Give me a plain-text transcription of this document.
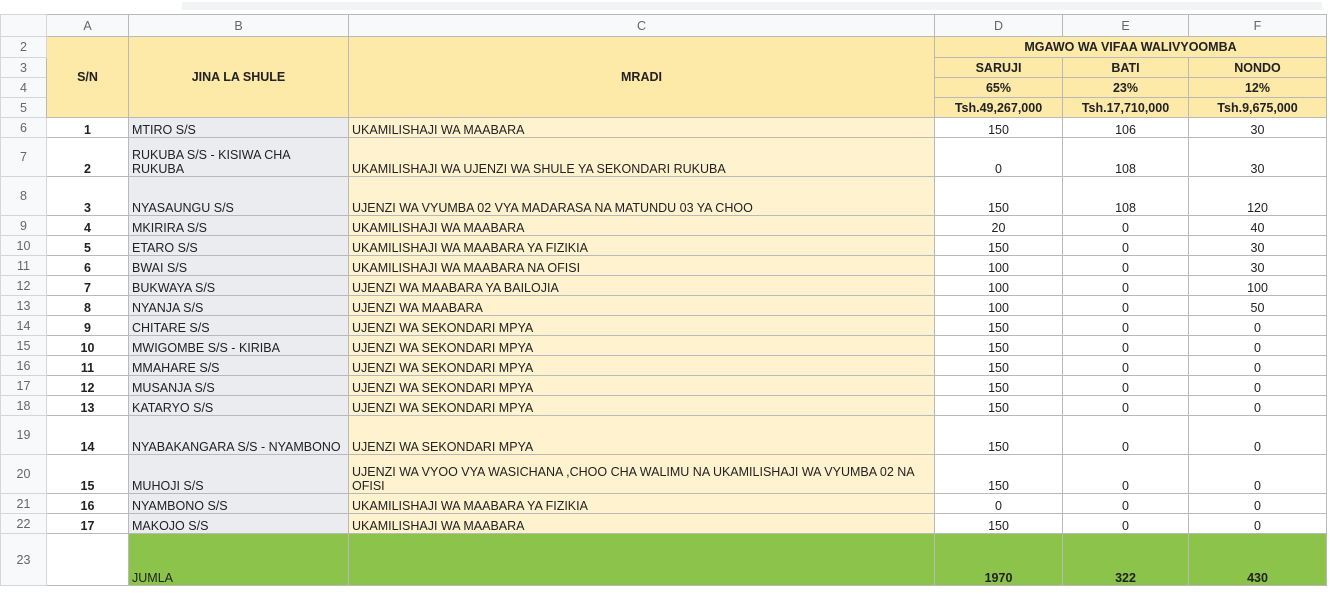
	A	B	C	D	E	F
2	S/N	JINA LA SHULE	MRADI	MGAWO WA VIFAA WALIVYOOMBA		
3				SARUJI	BATI	NONDO
4				65%	23%	12%
5				Tsh.49,267,000	Tsh.17,710,000	Tsh.9,675,000
6	1	MTIRO S/S	UKAMILISHAJI WA MAABARA	150	106	30
7	2	RUKUBA S/S - KISIWA CHA RUKUBA	UKAMILISHAJI WA UJENZI WA SHULE YA SEKONDARI RUKUBA	0	108	30
8	3	NYASAUNGU S/S	UJENZI WA VYUMBA 02 VYA MADARASA NA MATUNDU 03 YA CHOO	150	108	120
9	4	MKIRIRA S/S	UKAMILISHAJI WA MAABARA	20	0	40
10	5	ETARO S/S	UKAMILISHAJI WA MAABARA YA FIZIKIA	150	0	30
11	6	BWAI S/S	UKAMILISHAJI WA MAABARA NA OFISI	100	0	30
12	7	BUKWAYA S/S	UJENZI WA MAABARA YA BAILOJIA	100	0	100
13	8	NYANJA S/S	UJENZI WA MAABARA	100	0	50
14	9	CHITARE S/S	UJENZI WA SEKONDARI MPYA	150	0	0
15	10	MWIGOMBE S/S - KIRIBA	UJENZI WA SEKONDARI MPYA	150	0	0
16	11	MMAHARE S/S	UJENZI WA SEKONDARI MPYA	150	0	0
17	12	MUSANJA S/S	UJENZI WA SEKONDARI MPYA	150	0	0
18	13	KATARYO S/S	UJENZI WA SEKONDARI MPYA	150	0	0
19	14	NYABAKANGARA S/S - NYAMBONO	UJENZI WA SEKONDARI MPYA	150	0	0
20	15	MUHOJI S/S	UJENZI WA VYOO VYA WASICHANA ,CHOO CHA WALIMU NA UKAMILISHAJI WA VYUMBA 02 NA OFISI	150	0	0
21	16	NYAMBONO S/S	UKAMILISHAJI WA MAABARA YA FIZIKIA	0	0	0
22	17	MAKOJO S/S	UKAMILISHAJI WA MAABARA	150	0	0
23		JUMLA		1970	322	430
